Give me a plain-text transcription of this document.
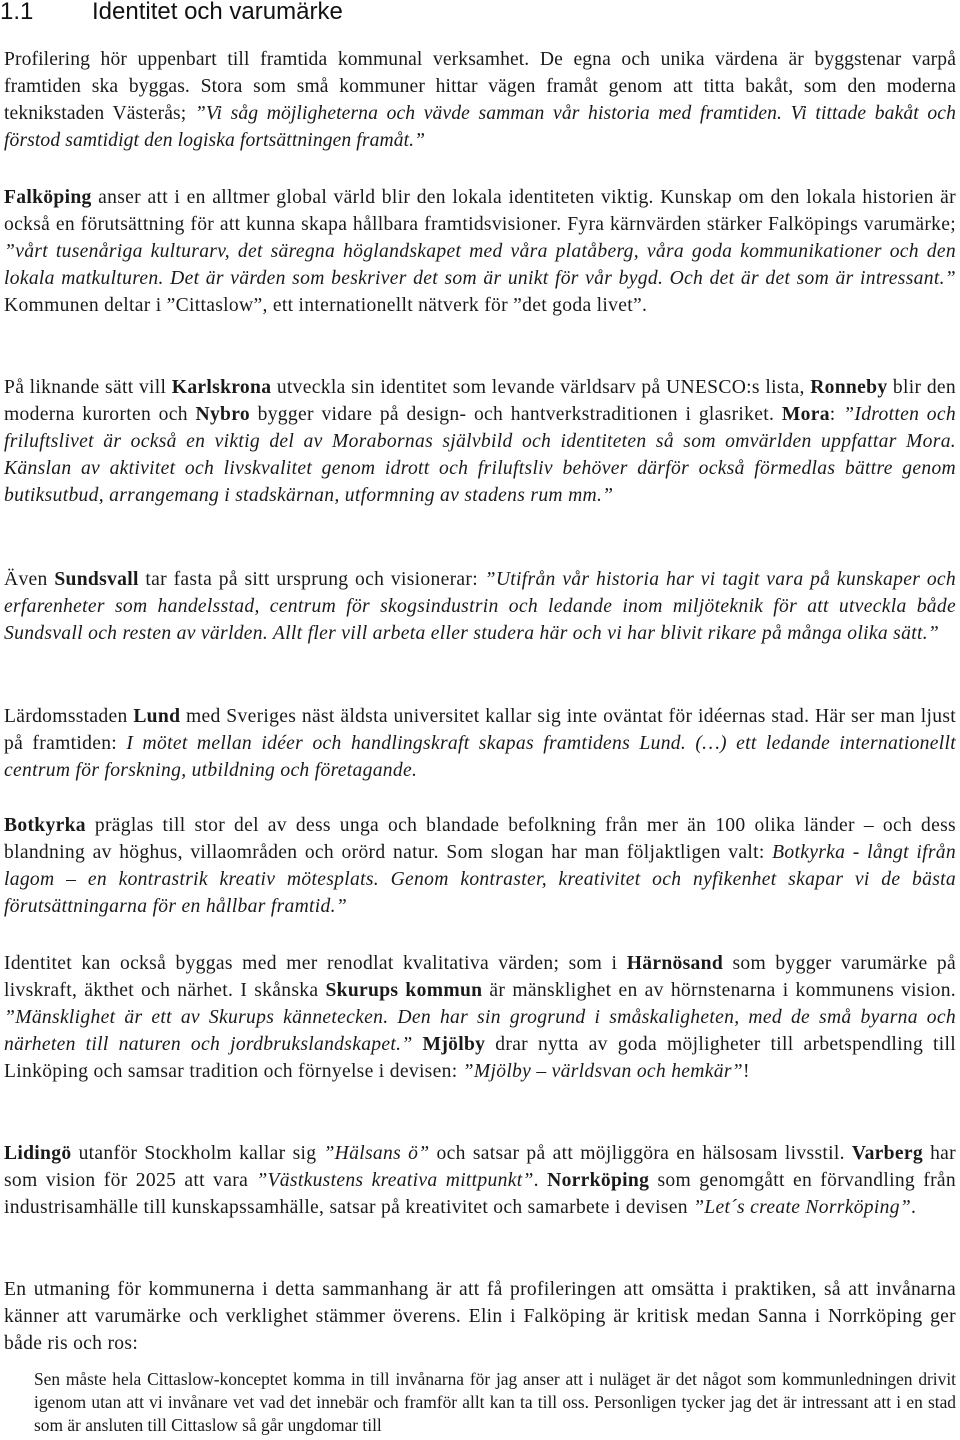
1.1 Identitet och varumärke

Profilering hör uppenbart till framtida kommunal verksamhet. De egna och unika värdena är byggstenar varpå framtiden ska byggas. Stora som små kommuner hittar vägen framåt genom att titta bakåt, som den moderna teknikstaden Västerås; ”Vi såg möjligheterna och vävde samman vår historia med framtiden. Vi tittade bakåt och förstod samtidigt den logiska fortsättningen framåt.”

Falköping anser att i en alltmer global värld blir den lokala identiteten viktig. Kunskap om den lokala historien är också en förutsättning för att kunna skapa hållbara framtidsvisioner. Fyra kärnvärden stärker Falköpings varumärke; ”vårt tusenåriga kulturarv, det säregna höglandskapet med våra platåberg, våra goda kommunikationer och den lokala matkulturen. Det är värden som beskriver det som är unikt för vår bygd. Och det är det som är intressant.” Kommunen deltar i ”Cittaslow”, ett internationellt nätverk för ”det goda livet”.

På liknande sätt vill Karlskrona utveckla sin identitet som levande världsarv på UNESCO:s lista, Ronneby blir den moderna kurorten och Nybro bygger vidare på design- och hantverkstraditionen i glasriket. Mora: ”Idrotten och friluftslivet är också en viktig del av Morabornas självbild och identiteten så som omvärlden uppfattar Mora. Känslan av aktivitet och livskvalitet genom idrott och friluftsliv behöver därför också förmedlas bättre genom butiksutbud, arrangemang i stadskärnan, utformning av stadens rum mm.”

Även Sundsvall tar fasta på sitt ursprung och visionerar: ”Utifrån vår historia har vi tagit vara på kunskaper och erfarenheter som handelsstad, centrum för skogsindustrin och ledande inom miljöteknik för att utveckla både Sundsvall och resten av världen. Allt fler vill arbeta eller studera här och vi har blivit rikare på många olika sätt.”

Lärdomsstaden Lund med Sveriges näst äldsta universitet kallar sig inte oväntat för idéernas stad. Här ser man ljust på framtiden: I mötet mellan idéer och handlingskraft skapas framtidens Lund. (…) ett ledande internationellt centrum för forskning, utbildning och företagande.

Botkyrka präglas till stor del av dess unga och blandade befolkning från mer än 100 olika länder – och dess blandning av höghus, villaområden och orörd natur. Som slogan har man följaktligen valt: Botkyrka - långt ifrån lagom – en kontrastrik kreativ mötesplats. Genom kontraster, kreativitet och nyfikenhet skapar vi de bästa förutsättningarna för en hållbar framtid.”

Identitet kan också byggas med mer renodlat kvalitativa värden; som i Härnösand som bygger varumärke på livskraft, äkthet och närhet. I skånska Skurups kommun är mänsklighet en av hörnstenarna i kommunens vision. ”Mänsklighet är ett av Skurups kännetecken. Den har sin grogrund i småskaligheten, med de små byarna och närheten till naturen och jordbrukslandskapet.” Mjölby drar nytta av goda möjligheter till arbetspendling till Linköping och samsar tradition och förnyelse i devisen: ”Mjölby – världsvan och hemkär”!

Lidingö utanför Stockholm kallar sig ”Hälsans ö” och satsar på att möjliggöra en hälsosam livsstil. Varberg har som vision för 2025 att vara ”Västkustens kreativa mittpunkt”. Norrköping som genomgått en förvandling från industrisamhälle till kunskapssamhälle, satsar på kreativitet och samarbete i devisen ”Let´s create Norrköping”.

En utmaning för kommunerna i detta sammanhang är att få profileringen att omsätta i praktiken, så att invånarna känner att varumärke och verklighet stämmer överens. Elin i Falköping är kritisk medan Sanna i Norrköping ger både ris och ros:

Sen måste hela Cittaslow-konceptet komma in till invånarna för jag anser att i nuläget är det något som kommunledningen drivit igenom utan att vi invånare vet vad det innebär och framför allt kan ta till oss. Personligen tycker jag det är intressant att i en stad som är ansluten till Cittaslow så går ungdomar till
